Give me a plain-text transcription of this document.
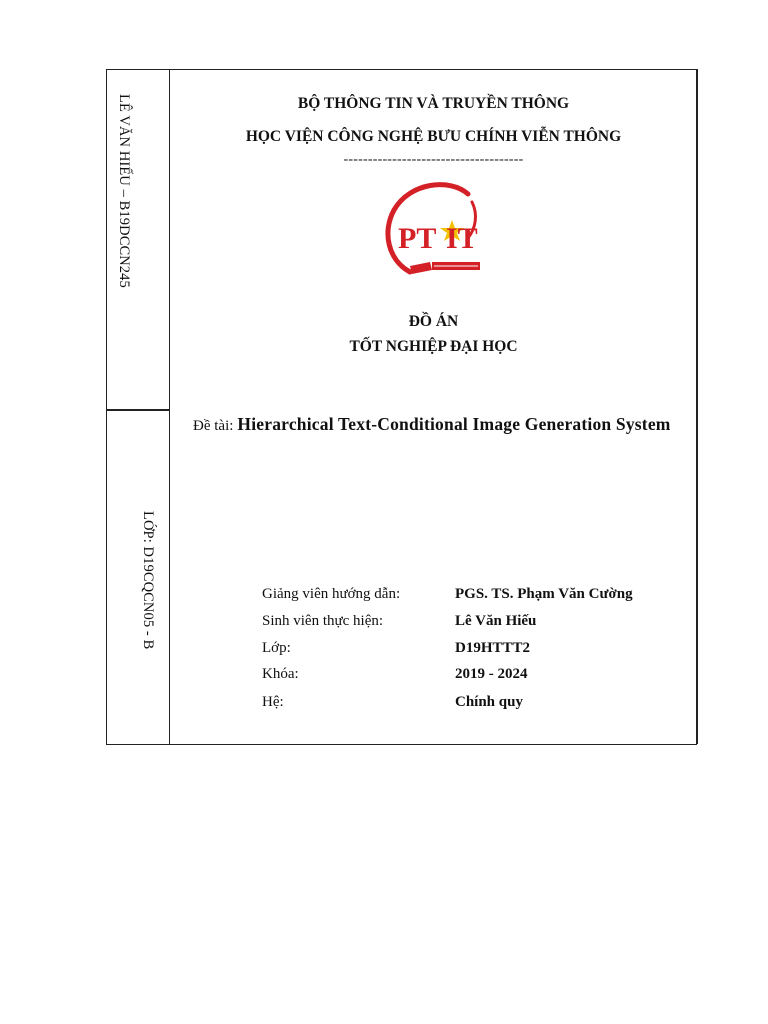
LÊ VĂN HIẾU – B19DCCN245
LỚP: D19CQCN05 - B
BỘ THÔNG TIN VÀ TRUYỀN THÔNG
HỌC VIỆN CÔNG NGHỆ BƯU CHÍNH VIỄN THÔNG
-------------------------------------
PT IT
ĐỒ ÁN
TỐT NGHIỆP ĐẠI HỌC
Đề tài: Hierarchical Text-Conditional Image Generation System
Giảng viên hướng dẫn:	PGS. TS. Phạm Văn Cường
Sinh viên thực hiện:	Lê Văn Hiếu
Lớp:	D19HTTT2
Khóa:	2019 - 2024
Hệ:	Chính quy
